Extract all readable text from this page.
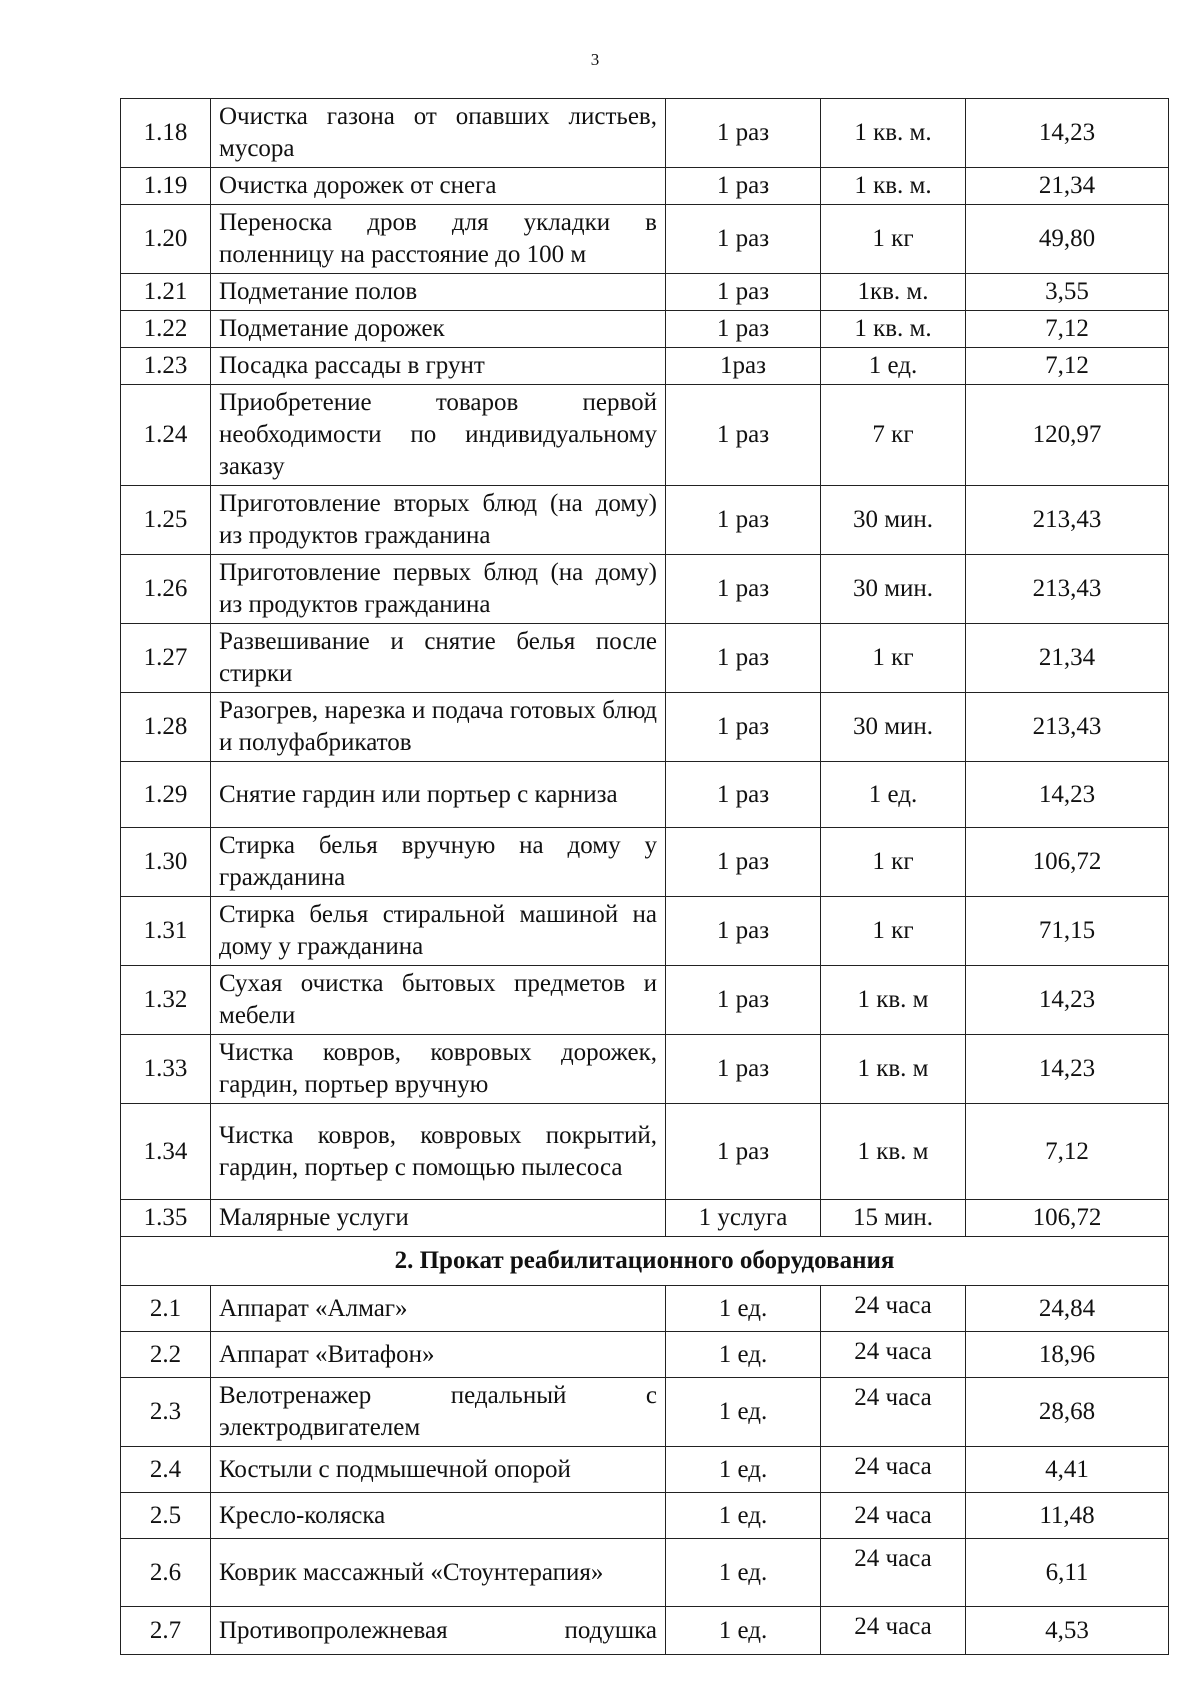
3
1.18	Очистка газона от опавших листьев, мусора	1 раз	1 кв. м.	14,23
1.19	Очистка дорожек от снега	1 раз	1 кв. м.	21,34
1.20	Переноска дров для укладки в поленницу на расстояние до 100 м	1 раз	1 кг	49,80
1.21	Подметание полов	1 раз	1кв. м.	3,55
1.22	Подметание дорожек	1 раз	1 кв. м.	7,12
1.23	Посадка рассады в грунт	1раз	1 ед.	7,12
1.24	Приобретение товаров первой необходимости по индивидуальному заказу	1 раз	7 кг	120,97
1.25	Приготовление вторых блюд (на дому) из продуктов гражданина	1 раз	30 мин.	213,43
1.26	Приготовление первых блюд (на дому) из продуктов гражданина	1 раз	30 мин.	213,43
1.27	Развешивание и снятие белья после стирки	1 раз	1 кг	21,34
1.28	Разогрев, нарезка и подача готовых блюд и полуфабрикатов	1 раз	30 мин.	213,43
1.29	Снятие гардин или портьер с карниза	1 раз	1 ед.	14,23
1.30	Стирка белья вручную на дому у гражданина	1 раз	1 кг	106,72
1.31	Стирка белья стиральной машиной на дому у гражданина	1 раз	1 кг	71,15
1.32	Сухая очистка бытовых предметов и мебели	1 раз	1 кв. м	14,23
1.33	Чистка ковров, ковровых дорожек, гардин, портьер вручную	1 раз	1 кв. м	14,23
1.34	Чистка ковров, ковровых покрытий, гардин, портьер с помощью пылесоса	1 раз	1 кв. м	7,12
1.35	Малярные услуги	1 услуга	15 мин.	106,72
2. Прокат реабилитационного оборудования				
2.1	Аппарат «Алмаг»	1 ед.	24 часа	24,84
2.2	Аппарат «Витафон»	1 ед.	24 часа	18,96
2.3	Велотренажер педальный с электродвигателем	1 ед.	24 часа	28,68
2.4	Костыли с подмышечной опорой	1 ед.	24 часа	4,41
2.5	Кресло-коляска	1 ед.	24 часа	11,48
2.6	Коврик массажный «Стоунтерапия»	1 ед.	24 часа	6,11
2.7	Противопролежневая подушка	1 ед.	24 часа	4,53
